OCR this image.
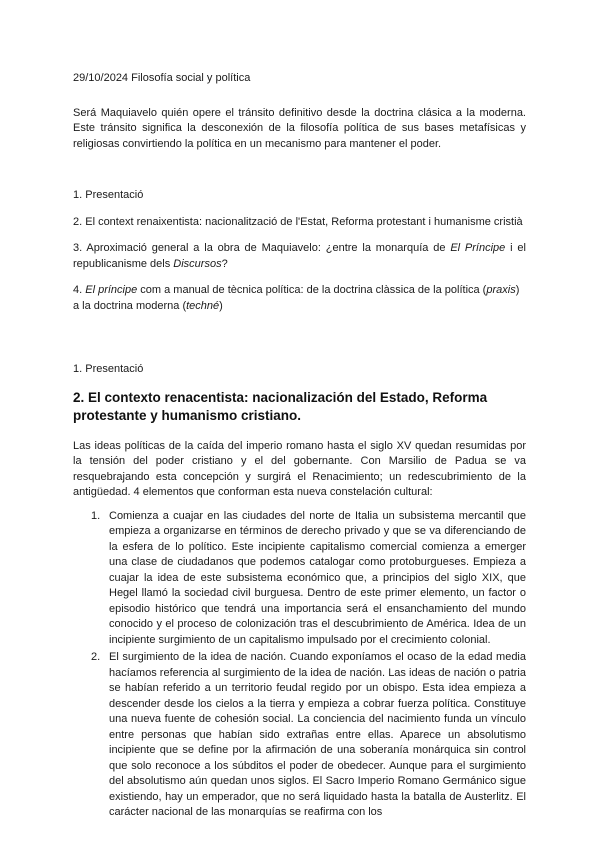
29/10/2024 Filosofía social y política

Será Maquiavelo quién opere el tránsito definitivo desde la doctrina clásica a la moderna. Este tránsito significa la desconexión de la filosofía política de sus bases metafísicas y religiosas convirtiendo la política en un mecanismo para mantener el poder.

1. Presentació

2. El context renaixentista: nacionalització de l'Estat, Reforma protestant i humanisme cristià

3. Aproximació general a la obra de Maquiavelo: ¿entre la monarquía de El Príncipe i el republicanisme dels Discursos?

4. El príncipe com a manual de tècnica política: de la doctrina clàssica de la política (praxis) a la doctrina moderna (techné)

1. Presentació

2. El contexto renacentista: nacionalización del Estado, Reforma protestante y humanismo cristiano.

Las ideas políticas de la caída del imperio romano hasta el siglo XV quedan resumidas por la tensión del poder cristiano y el del gobernante. Con Marsilio de Padua se va resquebrajando esta concepción y surgirá el Renacimiento; un redescubrimiento de la antigüedad. 4 elementos que conforman esta nueva constelación cultural:

1. Comienza a cuajar en las ciudades del norte de Italia un subsistema mercantil que empieza a organizarse en términos de derecho privado y que se va diferenciando de la esfera de lo político. Este incipiente capitalismo comercial comienza a emerger una clase de ciudadanos que podemos catalogar como protoburgueses. Empieza a cuajar la idea de este subsistema económico que, a principios del siglo XIX, que Hegel llamó la sociedad civil burguesa. Dentro de este primer elemento, un factor o episodio histórico que tendrá una importancia será el ensanchamiento del mundo conocido y el proceso de colonización tras el descubrimiento de América. Idea de un incipiente surgimiento de un capitalismo impulsado por el crecimiento colonial.

2. El surgimiento de la idea de nación. Cuando exponíamos el ocaso de la edad media hacíamos referencia al surgimiento de la idea de nación. Las ideas de nación o patria se habían referido a un territorio feudal regido por un obispo. Esta idea empieza a descender desde los cielos a la tierra y empieza a cobrar fuerza política. Constituye una nueva fuente de cohesión social. La conciencia del nacimiento funda un vínculo entre personas que habían sido extrañas entre ellas. Aparece un absolutismo incipiente que se define por la afirmación de una soberanía monárquica sin control que solo reconoce a los súbditos el poder de obedecer. Aunque para el surgimiento del absolutismo aún quedan unos siglos. El Sacro Imperio Romano Germánico sigue existiendo, hay un emperador, que no será liquidado hasta la batalla de Austerlitz. El carácter nacional de las monarquías se reafirma con los
